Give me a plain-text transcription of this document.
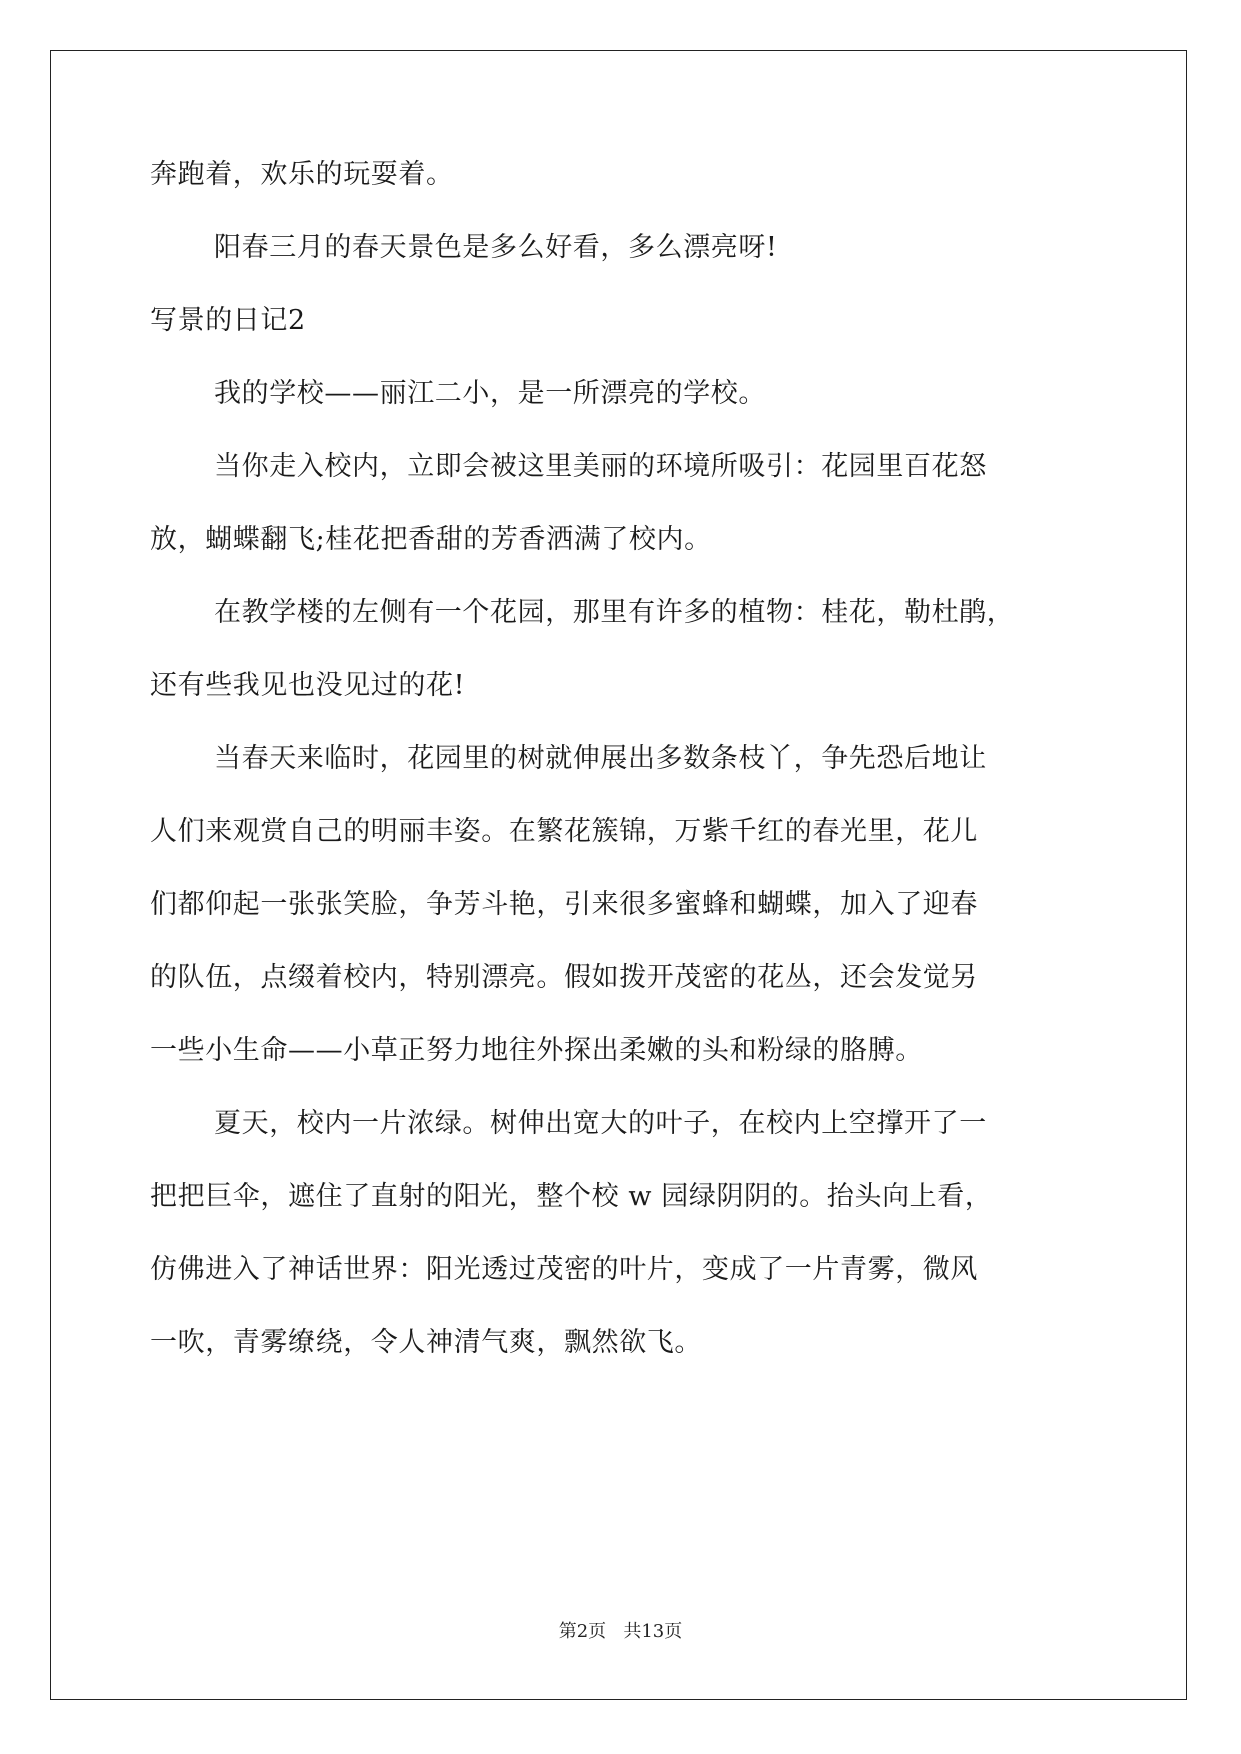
奔跑着，欢乐的玩耍着。
阳春三月的春天景色是多么好看，多么漂亮呀!
写景的日记2
我的学校——丽江二小，是一所漂亮的学校。
当你走入校内，立即会被这里美丽的环境所吸引：花园里百花怒
放，蝴蝶翻飞;桂花把香甜的芳香洒满了校内。
在教学楼的左侧有一个花园，那里有许多的植物：桂花，勒杜鹃，
还有些我见也没见过的花!
当春天来临时，花园里的树就伸展出多数条枝丫，争先恐后地让
人们来观赏自己的明丽丰姿。在繁花簇锦，万紫千红的春光里，花儿
们都仰起一张张笑脸，争芳斗艳，引来很多蜜蜂和蝴蝶，加入了迎春
的队伍，点缀着校内，特别漂亮。假如拨开茂密的花丛，还会发觉另
一些小生命——小草正努力地往外探出柔嫩的头和粉绿的胳膊。
夏天，校内一片浓绿。树伸出宽大的叶子，在校内上空撑开了一
把把巨伞，遮住了直射的阳光，整个校 w 园绿阴阴的。抬头向上看，
仿佛进入了神话世界：阳光透过茂密的叶片，变成了一片青雾，微风
一吹，青雾缭绕，令人神清气爽，飘然欲飞。
第2页   共13页
